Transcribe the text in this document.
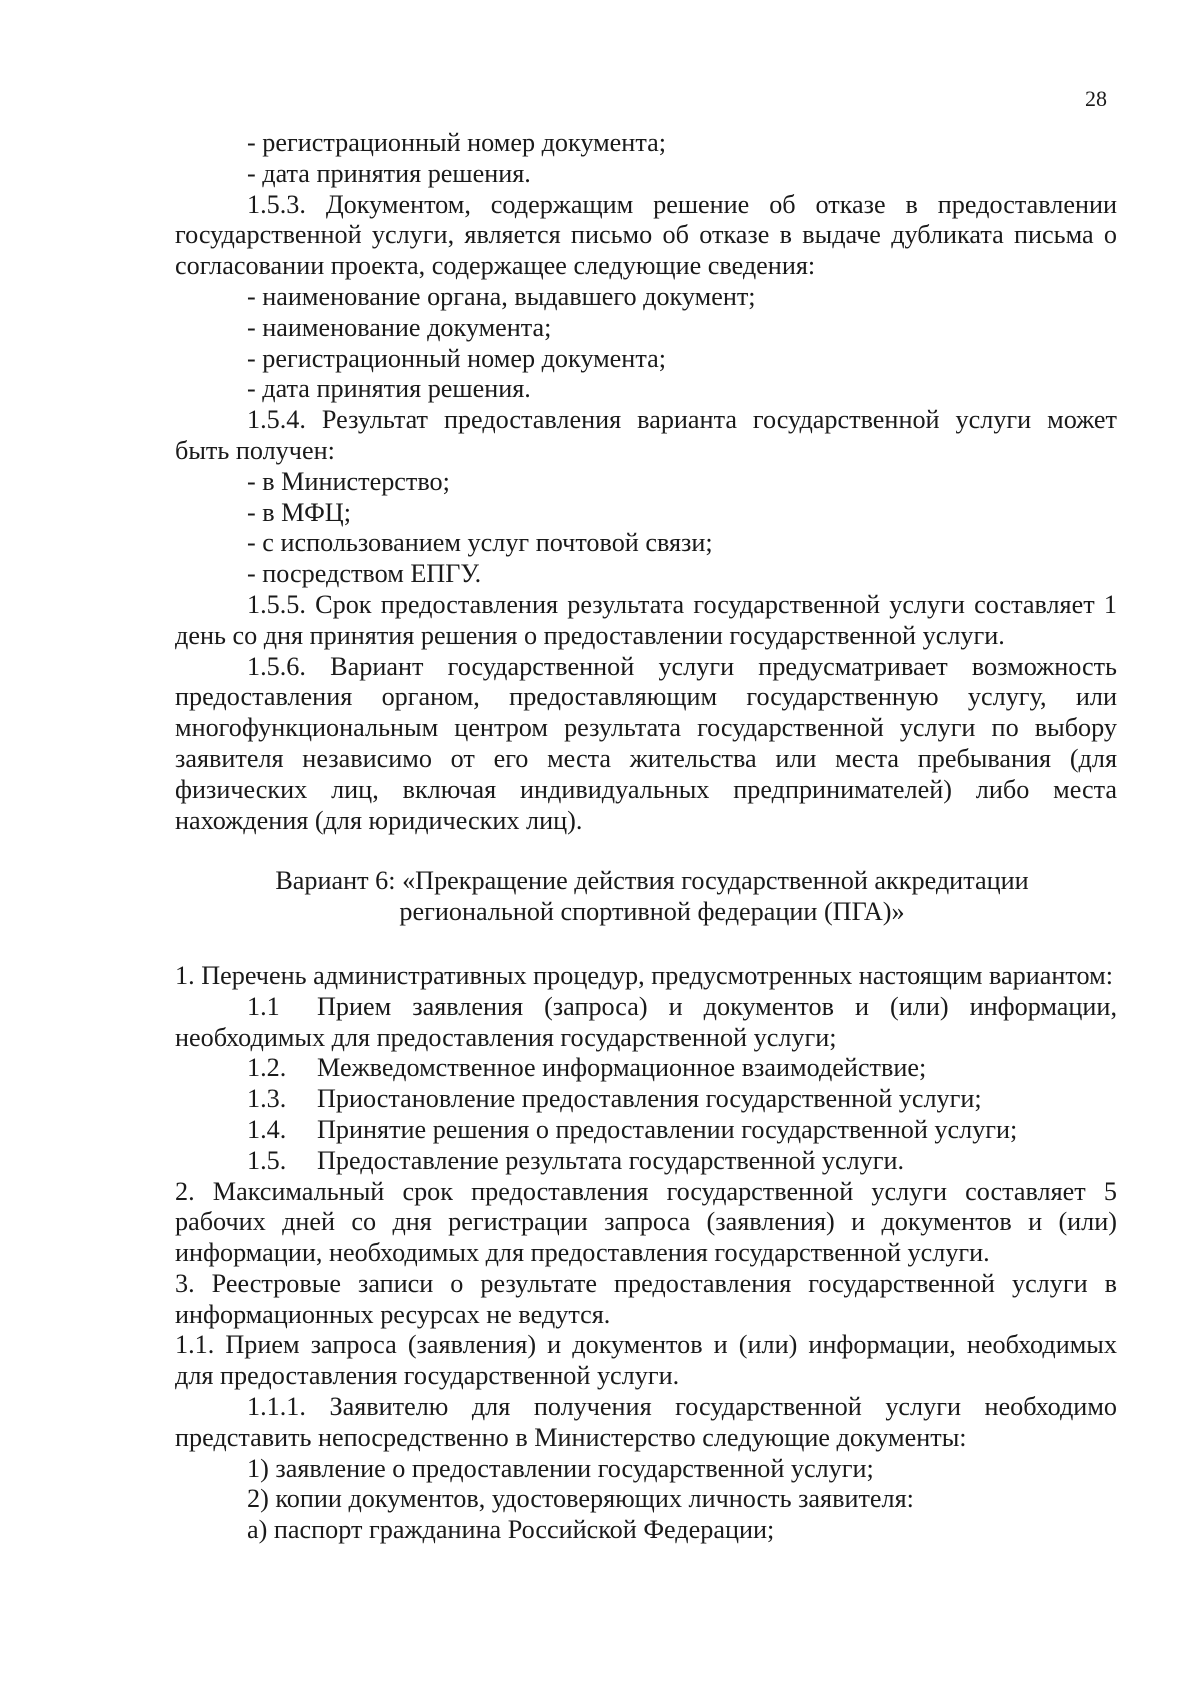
28

- регистрационный номер документа;

- дата принятия решения.

1.5.3. Документом, содержащим решение об отказе в предоставлении государственной услуги, является письмо об отказе в выдаче дубликата письма о согласовании проекта, содержащее следующие сведения:

- наименование органа, выдавшего документ;

- наименование документа;

- регистрационный номер документа;

- дата принятия решения.

1.5.4. Результат предоставления варианта государственной услуги может быть получен:

- в Министерство;

- в МФЦ;

- с использованием услуг почтовой связи;

- посредством ЕПГУ.

1.5.5. Срок предоставления результата государственной услуги составляет 1 день со дня принятия решения о предоставлении государственной услуги.

1.5.6. Вариант государственной услуги предусматривает возможность предоставления органом, предоставляющим государственную услугу, или многофункциональным центром результата государственной услуги по выбору заявителя независимо от его места жительства или места пребывания (для физических лиц, включая индивидуальных предпринимателей) либо места нахождения (для юридических лиц).

Вариант 6: «Прекращение действия государственной аккредитации

региональной спортивной федерации (ПГА)»

1. Перечень административных процедур, предусмотренных настоящим вариантом:

1.1	Прием заявления (запроса) и документов и (или) информации,
необходимых для предоставления государственной услуги;
1.2.	Межведомственное информационное взаимодействие;
1.3.	Приостановление предоставления государственной услуги;
1.4.	Принятие решения о предоставлении государственной услуги;
1.5.	Предоставление результата государственной услуги.

2. Максимальный срок предоставления государственной услуги составляет 5 рабочих дней со дня регистрации запроса (заявления) и документов и (или) информации, необходимых для предоставления государственной услуги.

3. Реестровые записи о результате предоставления государственной услуги в информационных ресурсах не ведутся.

1.1. Прием запроса (заявления) и документов и (или) информации, необходимых для предоставления государственной услуги.

1.1.1. Заявителю для получения государственной услуги необходимо представить непосредственно в Министерство следующие документы:

1) заявление о предоставлении государственной услуги;

2) копии документов, удостоверяющих личность заявителя:

а) паспорт гражданина Российской Федерации;
